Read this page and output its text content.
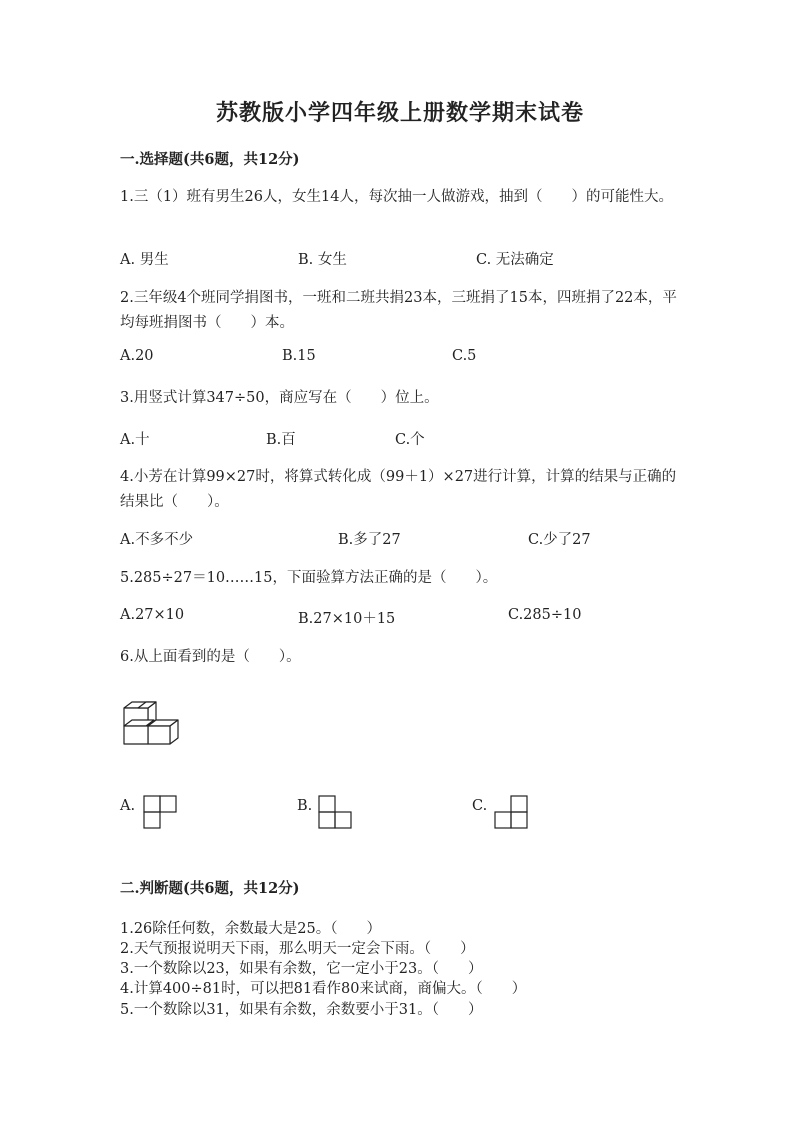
苏教版小学四年级上册数学期末试卷
一.选择题(共6题，共12分)
1.三（1）班有男生26人，女生14人，每次抽一人做游戏，抽到（　　）的可能性大。
A. 男生	B. 女生	C. 无法确定
2.三年级4个班同学捐图书，一班和二班共捐23本，三班捐了15本，四班捐了22本，平均每班捐图书（　　）本。
A.20	B.15	C.5
3.用竖式计算347÷50，商应写在（　　）位上。
A.十	B.百	C.个
4.小芳在计算99×27时，将算式转化成（99＋1）×27进行计算，计算的结果与正确的结果比（　　）。
A.不多不少	B.多了27	C.少了27
5.285÷27＝10……15，下面验算方法正确的是（　　）。
A.27×10	B.27×10＋15	C.285÷10
6.从上面看到的是（　　）。
A.	B.	C.
二.判断题(共6题，共12分)
1.26除任何数，余数最大是25。（　　）
2.天气预报说明天下雨，那么明天一定会下雨。（　　）
3.一个数除以23，如果有余数，它一定小于23。（　　）
4.计算400÷81时，可以把81看作80来试商，商偏大。（　　）
5.一个数除以31，如果有余数，余数要小于31。（　　）
